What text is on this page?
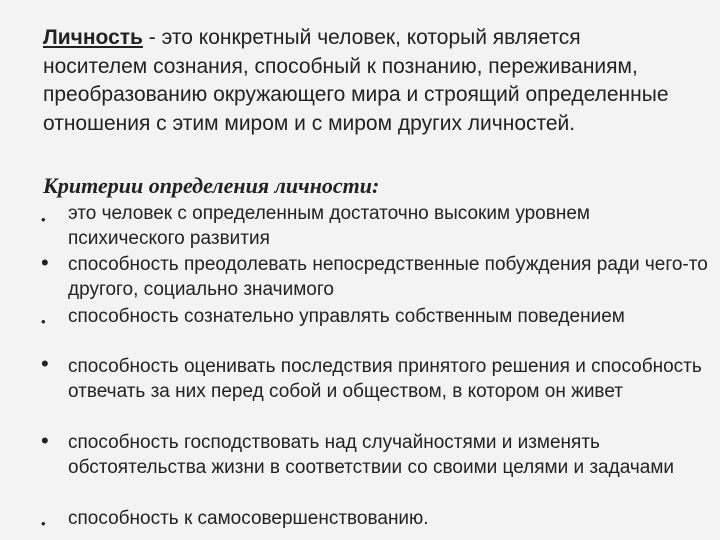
Личность - это конкретный человек, который является носителем сознания, способный к познанию, переживаниям, преобразованию окружающего мира и строящий определенные отношения с этим миром и с миром других личностей.

Критерии определения личности:
• это человек с определенным достаточно высоким уровнем психического развития
• способность преодолевать непосредственные побуждения ради чего-то другого, социально значимого
• способность сознательно управлять собственным поведением
• способность оценивать последствия принятого решения и способность отвечать за них перед собой и обществом, в котором он живет
• способность господствовать над случайностями и изменять обстоятельства жизни в соответствии со своими целями и задачами
• способность к самосовершенствованию.
